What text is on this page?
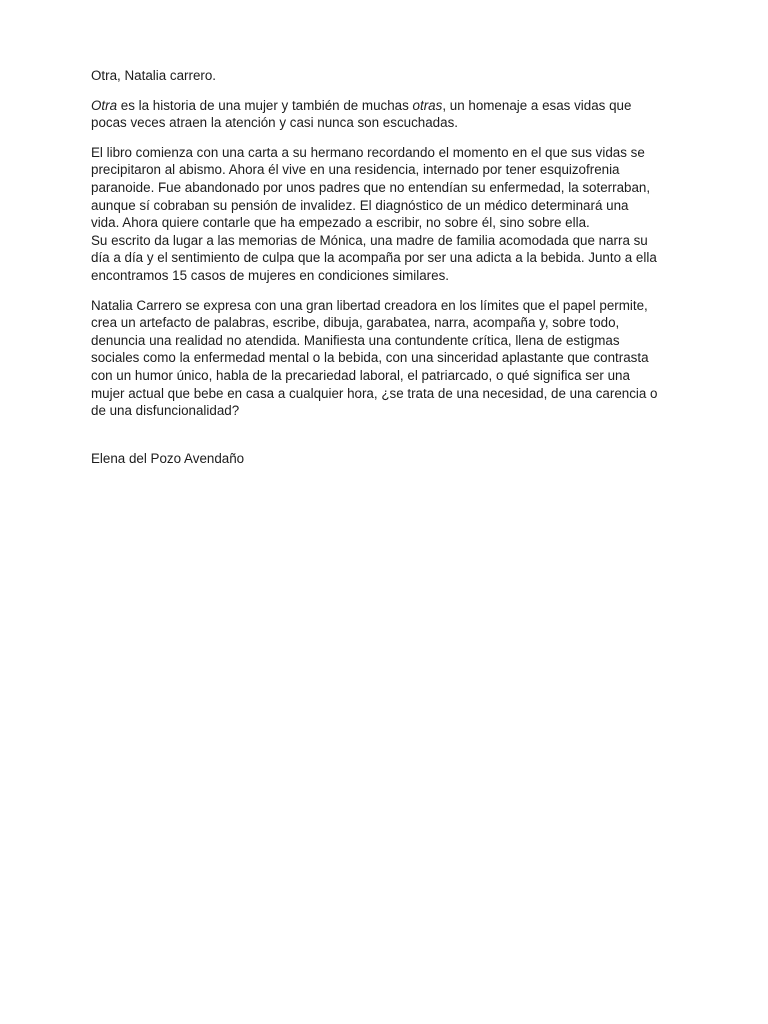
Otra, Natalia carrero.

Otra es la historia de una mujer y también de muchas otras, un homenaje a esas vidas que
pocas veces atraen la atención y casi nunca son escuchadas.

El libro comienza con una carta a su hermano recordando el momento en el que sus vidas se
precipitaron al abismo. Ahora él vive en una residencia, internado por tener esquizofrenia
paranoide. Fue abandonado por unos padres que no entendían su enfermedad, la soterraban,
aunque sí cobraban su pensión de invalidez. El diagnóstico de un médico determinará una
vida. Ahora quiere contarle que ha empezado a escribir, no sobre él, sino sobre ella.
Su escrito da lugar a las memorias de Mónica, una madre de familia acomodada que narra su
día a día y el sentimiento de culpa que la acompaña por ser una adicta a la bebida. Junto a ella
encontramos 15 casos de mujeres en condiciones similares.

Natalia Carrero se expresa con una gran libertad creadora en los límites que el papel permite,
crea un artefacto de palabras, escribe, dibuja, garabatea, narra, acompaña y, sobre todo,
denuncia una realidad no atendida. Manifiesta una contundente crítica, llena de estigmas
sociales como la enfermedad mental o la bebida, con una sinceridad aplastante que contrasta
con un humor único, habla de la precariedad laboral, el patriarcado, o qué significa ser una
mujer actual que bebe en casa a cualquier hora, ¿se trata de una necesidad, de una carencia o
de una disfuncionalidad?

Elena del Pozo Avendaño
